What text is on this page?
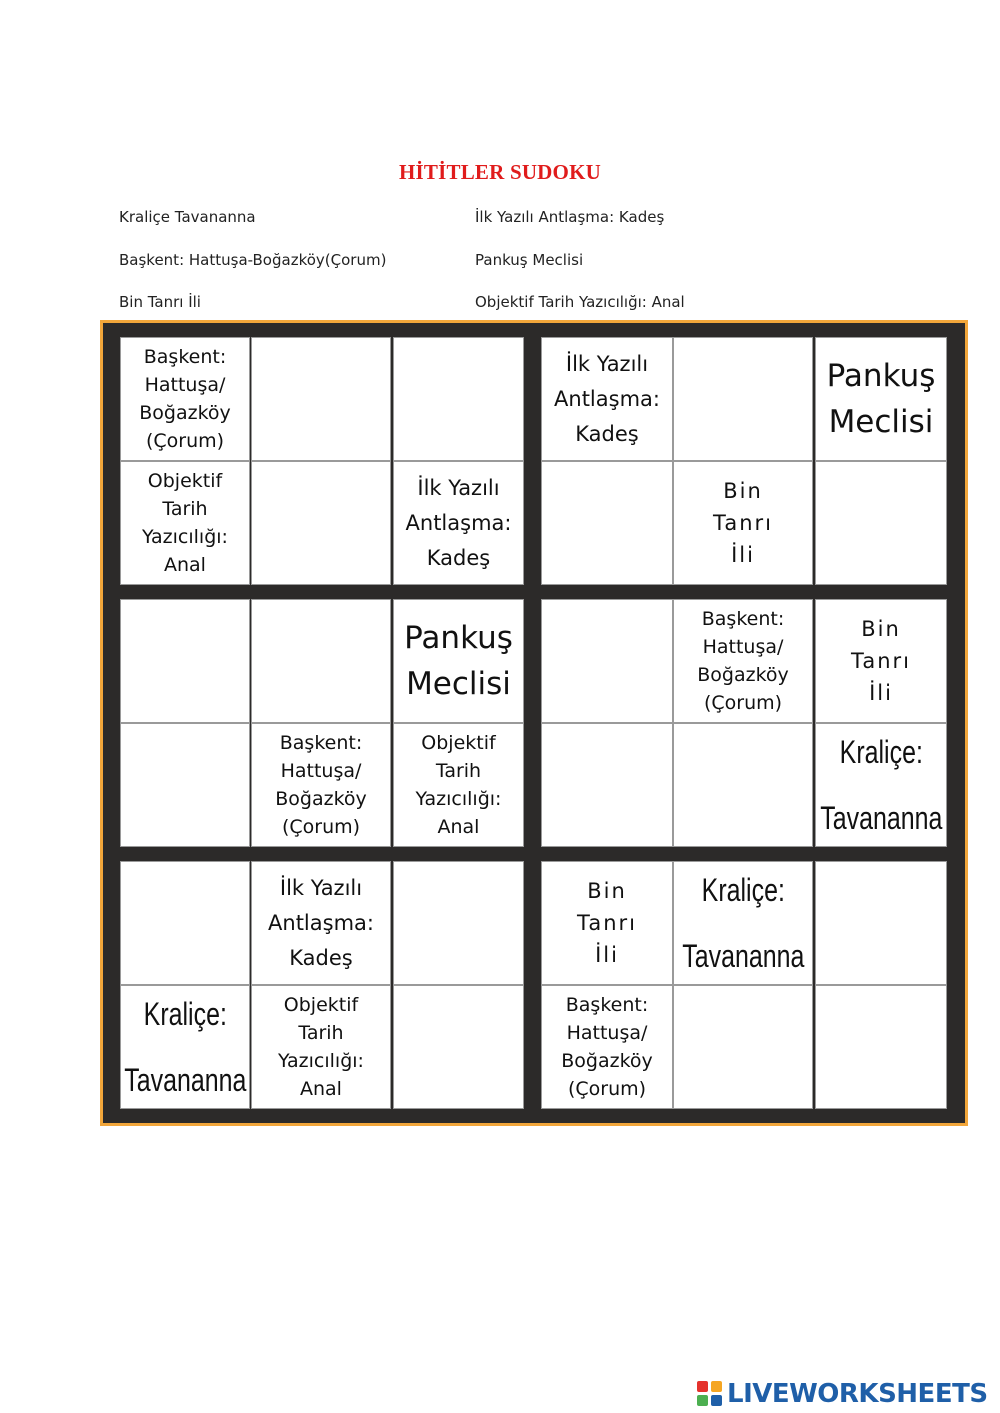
HİTİTLER SUDOKU
Kraliçe Tavananna
Başkent: Hattuşa-Boğazköy(Çorum)
Bin Tanrı İli
İlk Yazılı Antlaşma: Kadeş
Pankuş Meclisi
Objektif Tarih Yazıcılığı: Anal
Başkent:
Hattuşa/
Boğazköy
(Çorum)
İlk Yazılı
Antlaşma:
Kadeş
Pankuş
Meclisi
Objektif
Tarih
Yazıcılığı:
Anal
İlk Yazılı
Antlaşma:
Kadeş
Bin
Tanrı
İli
Pankuş
Meclisi
Başkent:
Hattuşa/
Boğazköy
(Çorum)
Bin
Tanrı
İli
Başkent:
Hattuşa/
Boğazköy
(Çorum)
Objektif
Tarih
Yazıcılığı:
Anal
Kraliçe:
Tavananna
İlk Yazılı
Antlaşma:
Kadeş
Bin
Tanrı
İli
Kraliçe:
Tavananna
Kraliçe:
Tavananna
Objektif
Tarih
Yazıcılığı:
Anal
Başkent:
Hattuşa/
Boğazköy
(Çorum)
LIVEWORKSHEETS
